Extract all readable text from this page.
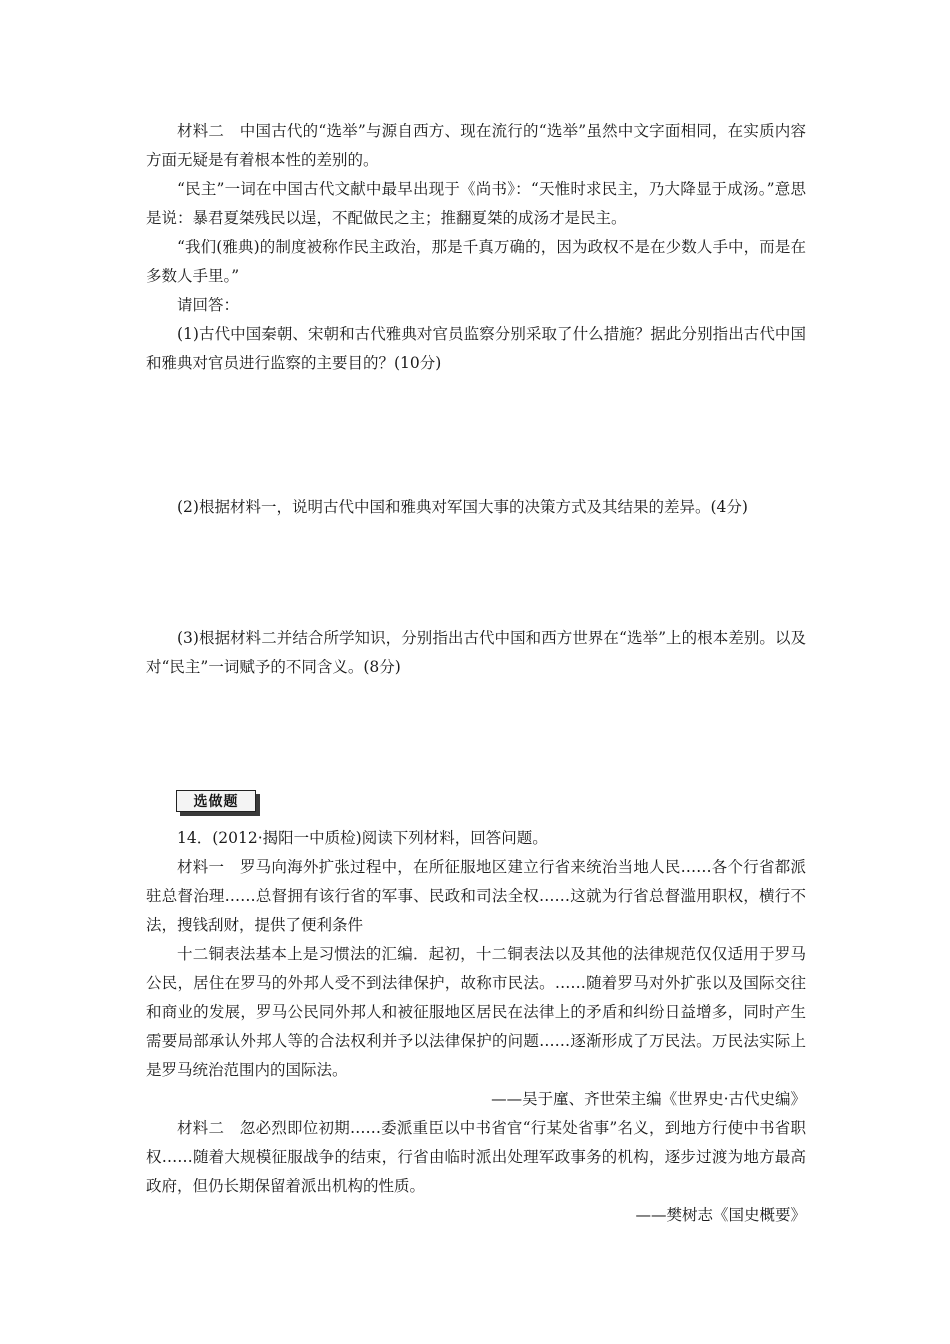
材料二　中国古代的“选举”与源自西方、现在流行的“选举”虽然中文字面相同，在实质内容方面无疑是有着根本性的差别的。

“民主”一词在中国古代文献中最早出现于《尚书》：“天惟时求民主，乃大降显于成汤。”意思是说：暴君夏桀残民以逞，不配做民之主；推翻夏桀的成汤才是民主。

“我们(雅典)的制度被称作民主政治，那是千真万确的，因为政权不是在少数人手中，而是在多数人手里。”

请回答：

(1)古代中国秦朝、宋朝和古代雅典对官员监察分别采取了什么措施？据此分别指出古代中国和雅典对官员进行监察的主要目的？(10分)

(2)根据材料一，说明古代中国和雅典对军国大事的决策方式及其结果的差异。(4分)

(3)根据材料二并结合所学知识，分别指出古代中国和西方世界在“选举”上的根本差别。以及对“民主”一词赋予的不同含义。(8分)

选做题

14．(2012·揭阳一中质检)阅读下列材料，回答问题。

材料一　罗马向海外扩张过程中，在所征服地区建立行省来统治当地人民……各个行省都派驻总督治理……总督拥有该行省的军事、民政和司法全权……这就为行省总督滥用职权，横行不法，搜钱刮财，提供了便利条件

十二铜表法基本上是习惯法的汇编．起初，十二铜表法以及其他的法律规范仅仅适用于罗马公民，居住在罗马的外邦人受不到法律保护，故称市民法。……随着罗马对外扩张以及国际交往和商业的发展，罗马公民同外邦人和被征服地区居民在法律上的矛盾和纠纷日益增多，同时产生需要局部承认外邦人等的合法权利并予以法律保护的问题……逐渐形成了万民法。万民法实际上是罗马统治范围内的国际法。

——吴于廑、齐世荣主编《世界史·古代史编》

材料二　忽必烈即位初期……委派重臣以中书省官“行某处省事”名义，到地方行使中书省职权……随着大规模征服战争的结束，行省由临时派出处理军政事务的机构，逐步过渡为地方最高政府，但仍长期保留着派出机构的性质。

——樊树志《国史概要》
